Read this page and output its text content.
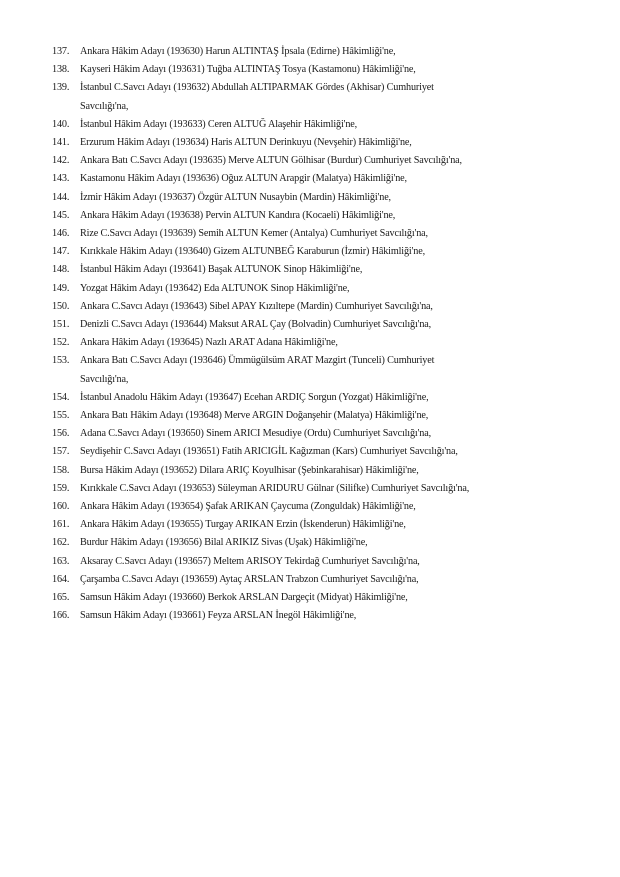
137.	Ankara Hâkim Adayı (193630) Harun ALTINTAŞ İpsala (Edirne) Hâkimliği'ne,
138.	Kayseri Hâkim Adayı (193631) Tuğba ALTINTAŞ Tosya (Kastamonu) Hâkimliği'ne,
139.	İstanbul C.Savcı Adayı (193632) Abdullah ALTIPARMAK Gördes (Akhisar) Cumhuriyet
Savcılığı'na,
140.	İstanbul Hâkim Adayı (193633) Ceren ALTUĞ Alaşehir Hâkimliği'ne,
141.	Erzurum Hâkim Adayı (193634) Haris ALTUN Derinkuyu (Nevşehir) Hâkimliği'ne,
142.	Ankara Batı C.Savcı Adayı (193635) Merve ALTUN Gölhisar (Burdur) Cumhuriyet Savcılığı'na,
143.	Kastamonu Hâkim Adayı (193636) Oğuz ALTUN Arapgir (Malatya) Hâkimliği'ne,
144.	İzmir Hâkim Adayı (193637) Özgür ALTUN Nusaybin (Mardin) Hâkimliği'ne,
145.	Ankara Hâkim Adayı (193638) Pervin ALTUN Kandıra (Kocaeli) Hâkimliği'ne,
146.	Rize C.Savcı Adayı (193639) Semih ALTUN Kemer (Antalya) Cumhuriyet Savcılığı'na,
147.	Kırıkkale Hâkim Adayı (193640) Gizem ALTUNBEĞ Karaburun (İzmir) Hâkimliği'ne,
148.	İstanbul Hâkim Adayı (193641) Başak ALTUNOK Sinop Hâkimliği'ne,
149.	Yozgat Hâkim Adayı (193642) Eda ALTUNOK Sinop Hâkimliği'ne,
150.	Ankara C.Savcı Adayı (193643) Sibel APAY Kızıltepe (Mardin) Cumhuriyet Savcılığı'na,
151.	Denizli C.Savcı Adayı (193644) Maksut ARAL Çay (Bolvadin) Cumhuriyet Savcılığı'na,
152.	Ankara Hâkim Adayı (193645) Nazlı ARAT Adana Hâkimliği'ne,
153.	Ankara Batı C.Savcı Adayı (193646) Ümmügülsüm ARAT Mazgirt (Tunceli) Cumhuriyet
Savcılığı'na,
154.	İstanbul Anadolu Hâkim Adayı (193647) Ecehan ARDIÇ Sorgun (Yozgat) Hâkimliği'ne,
155.	Ankara Batı Hâkim Adayı (193648) Merve ARGIN Doğanşehir (Malatya) Hâkimliği'ne,
156.	Adana C.Savcı Adayı (193650) Sinem ARICI Mesudiye (Ordu) Cumhuriyet Savcılığı'na,
157.	Seydişehir C.Savcı Adayı (193651) Fatih ARICIGİL Kağızman (Kars) Cumhuriyet Savcılığı'na,
158.	Bursa Hâkim Adayı (193652) Dilara ARIÇ Koyulhisar (Şebinkarahisar) Hâkimliği'ne,
159.	Kırıkkale C.Savcı Adayı (193653) Süleyman ARIDURU Gülnar (Silifke) Cumhuriyet Savcılığı'na,
160.	Ankara Hâkim Adayı (193654) Şafak ARIKAN Çaycuma (Zonguldak) Hâkimliği'ne,
161.	Ankara Hâkim Adayı (193655) Turgay ARIKAN Erzin (İskenderun) Hâkimliği'ne,
162.	Burdur Hâkim Adayı (193656) Bilal ARIKIZ Sivas (Uşak) Hâkimliği'ne,
163.	Aksaray C.Savcı Adayı (193657) Meltem ARISOY Tekirdağ Cumhuriyet Savcılığı'na,
164.	Çarşamba C.Savcı Adayı (193659) Aytaç ARSLAN Trabzon Cumhuriyet Savcılığı'na,
165.	Samsun Hâkim Adayı (193660) Berkok ARSLAN Dargeçit (Midyat) Hâkimliği'ne,
166.	Samsun Hâkim Adayı (193661) Feyza ARSLAN İnegöl Hâkimliği'ne,
